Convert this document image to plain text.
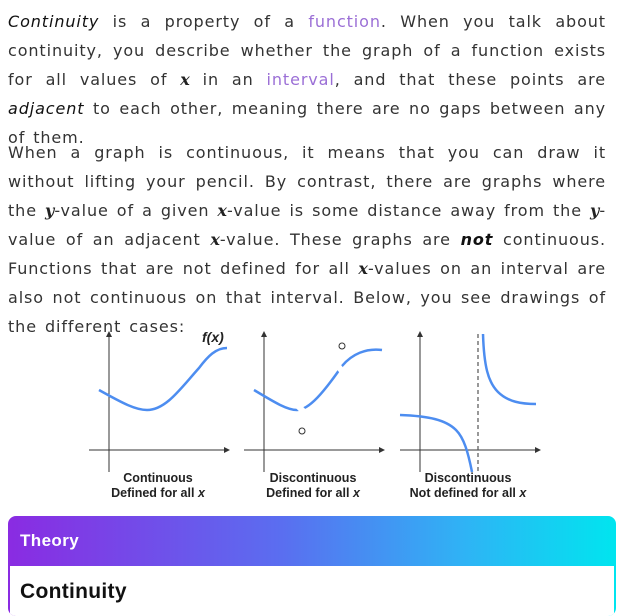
Continuity is a property of a function. When you talk about continuity, you describe whether the graph of a function exists for all values of x in an interval, and that these points are adjacent to each other, meaning there are no gaps between any of them.

When a graph is continuous, it means that you can draw it without lifting your pencil. By contrast, there are graphs where the y-value of a given x-value is some distance away from the y-value of an adjacent x-value. These graphs are not continuous. Functions that are not defined for all x-values on an interval are also not continuous on that interval. Below, you see drawings of the different cases:

f(x)
Continuous
Defined for all x
Discontinuous
Defined for all x
Discontinuous
Not defined for all x
Theory
Continuity
